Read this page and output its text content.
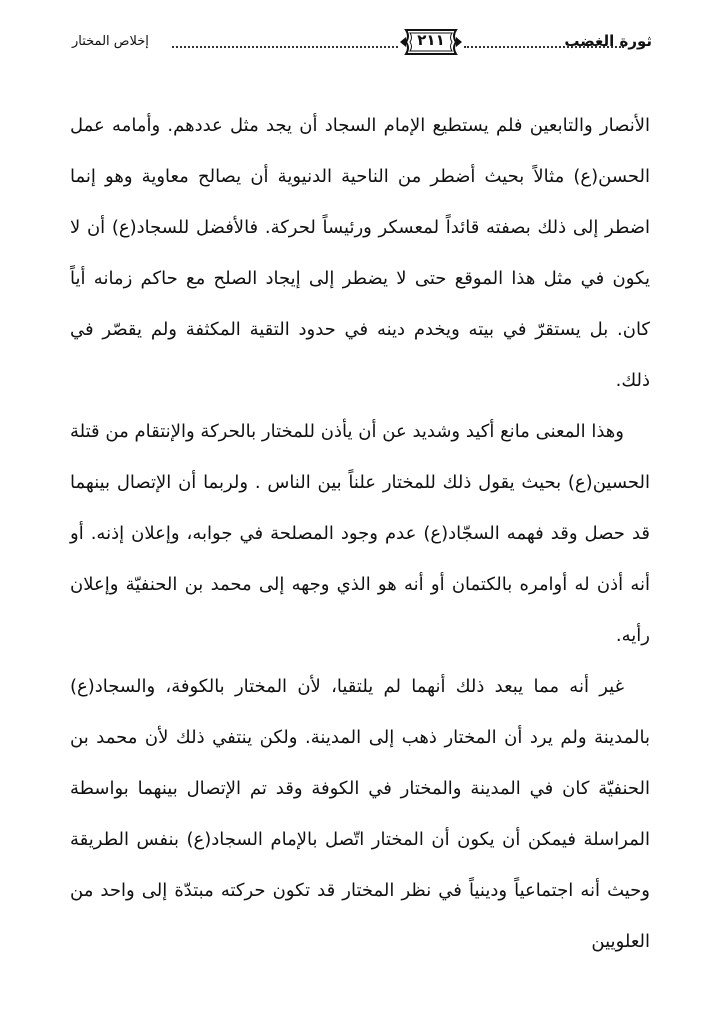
إخلاص المختار	٢١١	ثورة الغضب

الأنصار والتابعين فلم يستطيع الإمام السجاد أن يجد مثل عددهم. وأمامه عمل الحسن(ع) مثالاً بحيث أضطر من الناحية الدنيوية أن يصالح معاوية وهو إنما اضطر إلى ذلك بصفته قائداً لمعسكر ورئيساً لحركة. فالأفضل للسجاد(ع) أن لا يكون في مثل هذا الموقع حتى لا يضطر إلى إيجاد الصلح مع حاكم زمانه أياً كان. بل يستقرّ في بيته ويخدم دينه في حدود التقية المكثفة ولم يقصّر في ذلك.

وهذا المعنى مانع أكيد وشديد عن أن يأذن للمختار بالحركة والإنتقام من قتلة الحسين(ع) بحيث يقول ذلك للمختار علناً بين الناس . ولربما أن الإتصال بينهما قد حصل وقد فهمه السجّاد(ع) عدم وجود المصلحة في جوابه، وإعلان إذنه. أو أنه أذن له أوامره بالكتمان أو أنه هو الذي وجهه إلى محمد بن الحنفيّة وإعلان رأيه.

غير أنه مما يبعد ذلك أنهما لم يلتقيا، لأن المختار بالكوفة، والسجاد(ع) بالمدينة ولم يرد أن المختار ذهب إلى المدينة. ولكن ينتفي ذلك لأن محمد بن الحنفيّة كان في المدينة والمختار في الكوفة وقد تم الإتصال بينهما بواسطة المراسلة فيمكن أن يكون أن المختار اتّصل بالإمام السجاد(ع) بنفس الطريقة وحيث أنه اجتماعياً ودينياً في نظر المختار قد تكون حركته مبتدّة إلى واحد من العلويين
